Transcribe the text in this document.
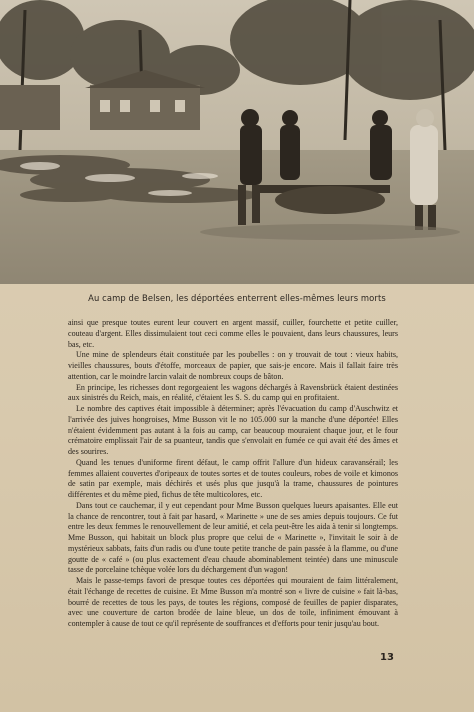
Au camp de Belsen, les déportées enterrent elles-mêmes leurs morts

ainsi que presque toutes eurent leur couvert en argent massif, cuiller, fourchette et petite cuiller, couteau d'argent. Elles dissimulaient tout ceci comme elles le pouvaient, dans leurs chaussures, leurs bas, etc.

Une mine de splendeurs était constituée par les poubelles : on y trouvait de tout : vieux habits, vieilles chaussures, bouts d'étoffe, morceaux de papier, que sais-je encore. Mais il fallait faire très attention, car le moindre larcin valait de nombreux coups de bâton.

En principe, les richesses dont regorgeaient les wagons déchargés à Ravensbrück étaient destinées aux sinistrés du Reich, mais, en réalité, c'étaient les S. S. du camp qui en profitaient.

Le nombre des captives était impossible à déterminer; après l'évacuation du camp d'Auschwitz et l'arrivée des juives hongroises, Mme Busson vit le no 105.000 sur la manche d'une déportée! Elles n'étaient évidemment pas autant à la fois au camp, car beaucoup mouraient chaque jour, et le four crématoire emplissait l'air de sa puanteur, tandis que s'envolait en fumée ce qui avait été des âmes et des sourires.

Quand les tenues d'uniforme firent défaut, le camp offrit l'allure d'un hideux caravansérail; les femmes allaient couvertes d'oripeaux de toutes sortes et de toutes couleurs, robes de voile et kimonos de satin par exemple, mais déchirés et usés plus que jusqu'à la trame, chaussures de pointures différentes et du même pied, fichus de tête multicolores, etc.

Dans tout ce cauchemar, il y eut cependant pour Mme Busson quelques lueurs apaisantes. Elle eut la chance de rencontrer, tout à fait par hasard, « Marinette » une de ses amies depuis toujours. Ce fut entre les deux femmes le renouvellement de leur amitié, et cela peut-être les aida à tenir si longtemps. Mme Busson, qui habitait un block plus propre que celui de « Marinette », l'invitait le soir à de mystérieux sabbats, faits d'un radis ou d'une toute petite tranche de pain passée à la flamme, ou d'une goutte de « café » (ou plus exactement d'eau chaude abominablement teintée) dans une minuscule tasse de porcelaine tchèque volée lors du déchargement d'un wagon!

Mais le passe-temps favori de presque toutes ces déportées qui mouraient de faim littéralement, était l'échange de recettes de cuisine. Et Mme Busson m'a montré son « livre de cuisine » fait là-bas, bourré de recettes de tous les pays, de toutes les régions, composé de feuilles de papier disparates, avec une couverture de carton brodée de laine bleue, un dos de toile, infiniment émouvant à contempler à cause de tout ce qu'il représente de souffrances et d'efforts pour tenir jusqu'au bout.

13
